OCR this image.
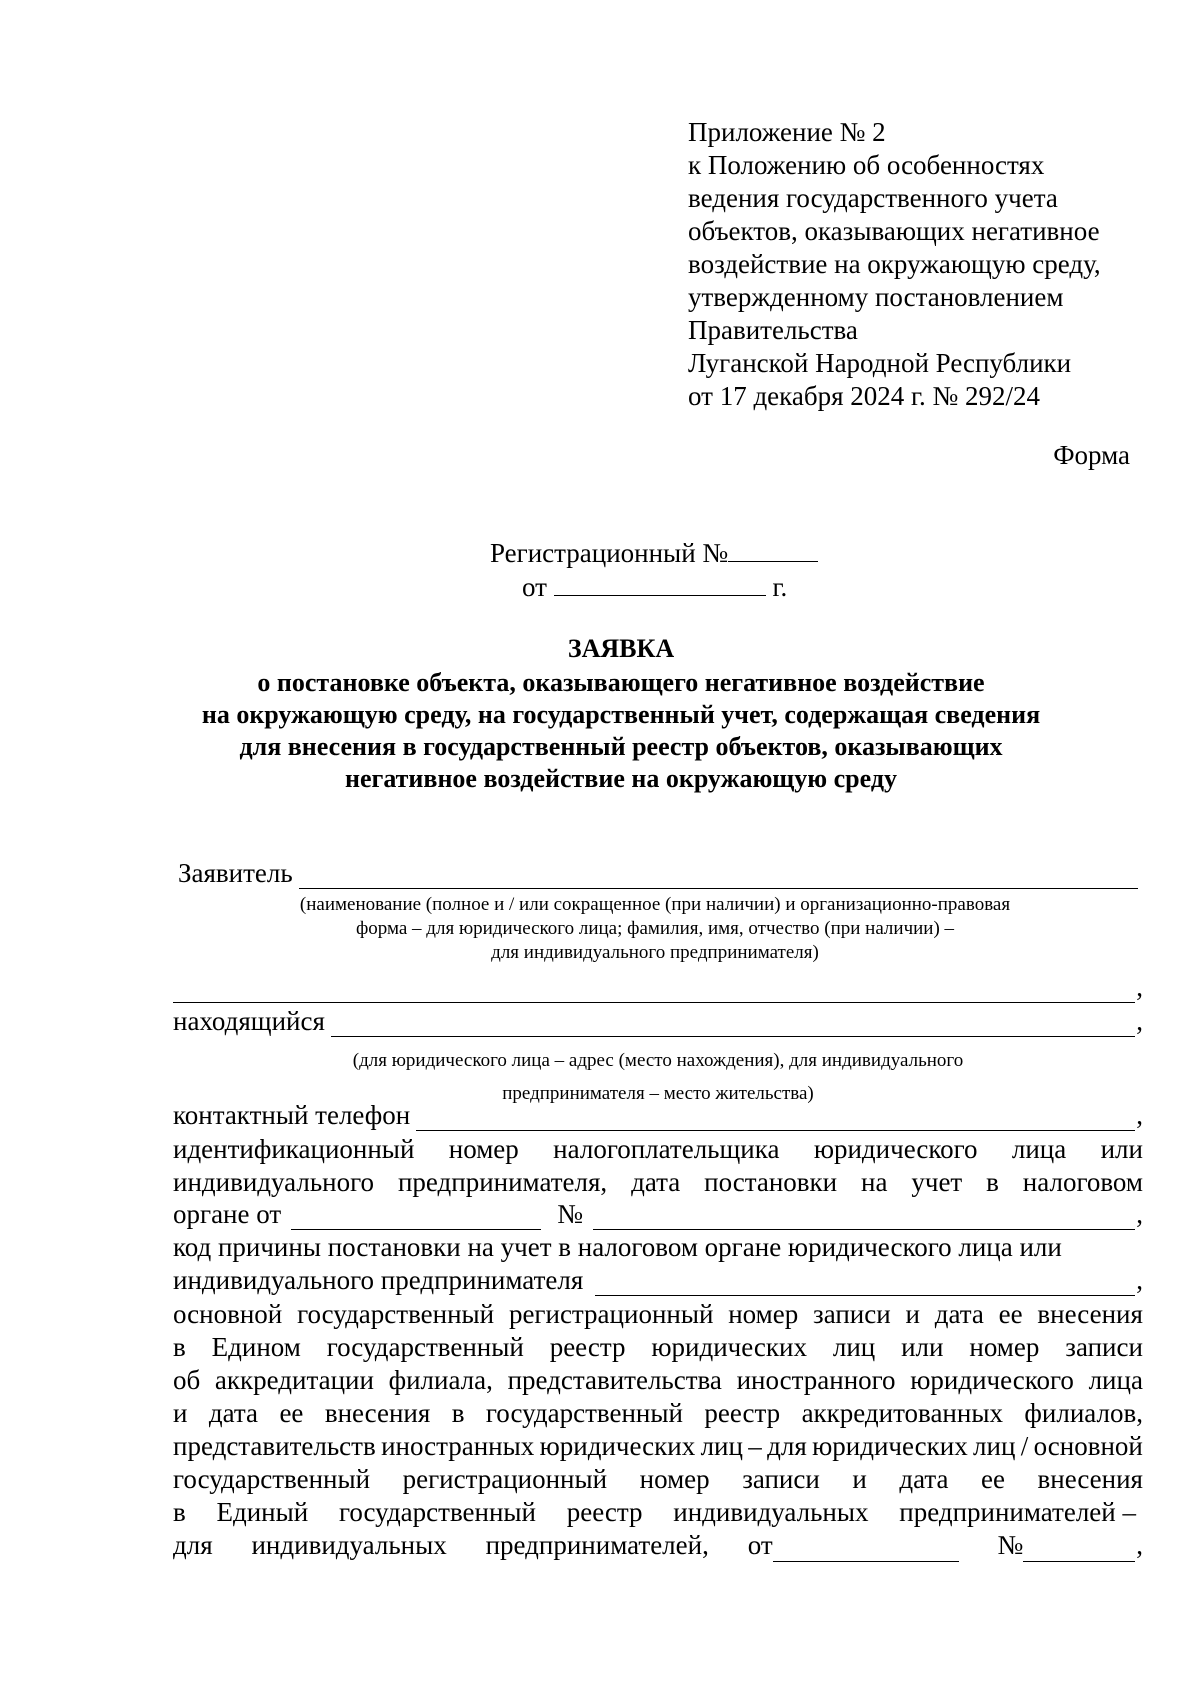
Приложение № 2
к Положению об особенностях
ведения государственного учета
объектов, оказывающих негативное
воздействие на окружающую среду,
утвержденному постановлением
Правительства
Луганской Народной Республики
от 17 декабря 2024 г. № 292/24
Форма
Регистрационный №
от	г.
ЗАЯВКА
о постановке объекта, оказывающего негативное воздействие
на окружающую среду, на государственный учет, содержащая сведения
для внесения в государственный реестр объектов, оказывающих
негативное воздействие на окружающую среду
Заявитель
(наименование (полное и / или сокращенное (при наличии) и организационно-правовая
форма – для юридического лица; фамилия, имя, отчество (при наличии) –
для индивидуального предпринимателя)
,
находящийся	,
(для юридического лица – адрес (место нахождения), для индивидуального
предпринимателя – место жительства)
контактный телефон	,
идентификационный номер налогоплательщика юридического лица или
индивидуального предпринимателя, дата постановки на учет в налоговом
органе от	№	,
код причины постановки на учет в налоговом органе юридического лица или
индивидуального предпринимателя	,
основной государственный регистрационный номер записи и дата ее внесения
в Едином государственный реестр юридических лиц или номер записи
об аккредитации филиала, представительства иностранного юридического лица
и дата ее внесения в государственный реестр аккредитованных филиалов,
представительств иностранных юридических лиц – для юридических лиц / основной
государственный регистрационный номер записи и дата ее внесения
в Единый государственный реестр индивидуальных предпринимателей –
для индивидуальных предпринимателей, от	№	,
